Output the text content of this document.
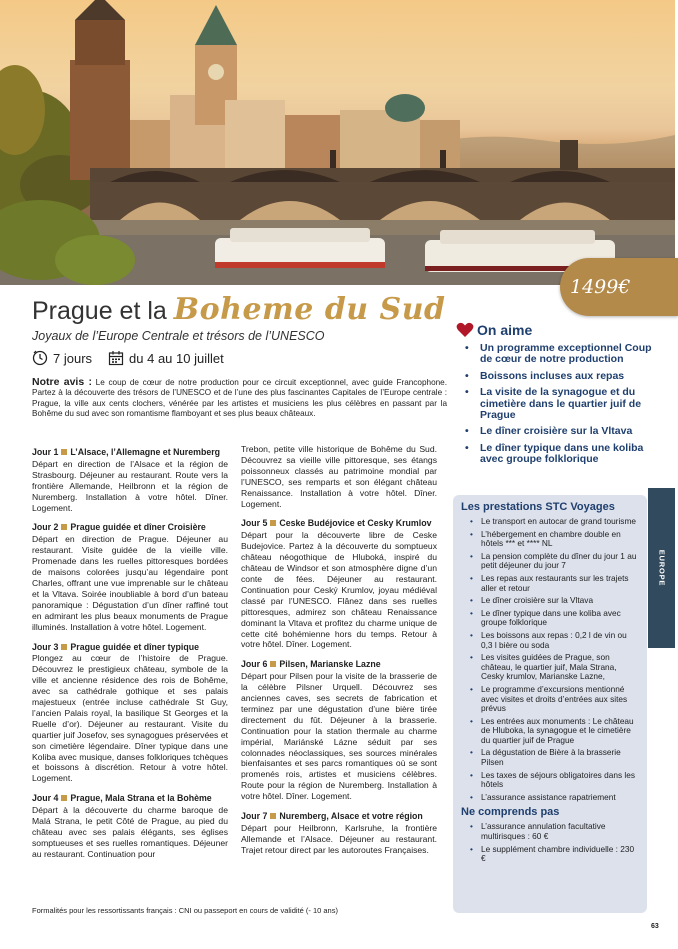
1499€
Prague et la Boheme du Sud
Joyaux de l’Europe Centrale et trésors de l’UNESCO
7 jours	du 4 au 10 juillet
Notre avis : Le coup de cœur de notre production pour ce circuit exceptionnel, avec guide Francophone. Partez à la découverte des trésors de l’UNESCO et de l’une des plus fascinantes Capitales de l’Europe centrale : Prague, la ville aux cents clochers, vénérée par les artistes et musiciens les plus célèbres en passant par la Bohême du sud avec son romantisme flamboyant et ses plus beaux châteaux.
Jour 1 L’Alsace, l’Allemagne et Nuremberg
Départ en direction de l’Alsace et la région de Strasbourg. Déjeuner au restaurant. Route vers la frontière Allemande, Heilbronn et la région de Nuremberg. Installation à votre hôtel. Dîner. Logement.
Jour 2 Prague guidée et dîner Croisière
Départ en direction de Prague. Déjeuner au restaurant. Visite guidée de la vieille ville. Promenade dans les ruelles pittoresques bordées de maisons colorées jusqu’au légendaire pont Charles, offrant une vue imprenable sur le château et la Vltava. Soirée inoubliable à bord d’un bateau panoramique : Dégustation d’un dîner raffiné tout en admirant les plus beaux monuments de Prague illuminés. Installation à votre hôtel. Logement.
Jour 3 Prague guidée et dîner typique
Plongez au cœur de l’histoire de Prague. Découvrez le prestigieux château, symbole de la ville et ancienne résidence des rois de Bohême, avec sa cathédrale gothique et ses palais majestueux (entrée incluse cathédrale St Guy, l’ancien Palais royal, la basilique St Georges et la Ruelle d’or). Déjeuner au restaurant. Visite du quartier juif Josefov, ses synagogues préservées et son cimetière légendaire. Dîner typique dans une Koliba avec musique, danses folkloriques tchèques et boissons à discrétion. Retour à votre hôtel. Logement.
Jour 4 Prague, Mala Strana et la Bohème
Départ à la découverte du charme baroque de Malá Strana, le petit Côté de Prague, au pied du château avec ses palais élégants, ses églises somptueuses et ses ruelles romantiques. Déjeuner au restaurant. Continuation pour
Trebon, petite ville historique de Bohême du Sud. Découvrez sa vieille ville pittoresque, ses étangs poissonneux classés au patrimoine mondial par l’UNESCO, ses remparts et son élégant château Renaissance. Installation à votre hôtel. Dîner. Logement.
Jour 5 Ceske Budéjovice et Cesky Krumlov
Départ pour la découverte libre de Ceske Budejovice. Partez à la découverte du somptueux château néogothique de Hluboká, inspiré du château de Windsor et son atmosphère digne d’un conte de fées. Déjeuner au restaurant. Continuation pour Ceský Krumlov, joyau médiéval classé par l’UNESCO. Flânez dans ses ruelles pittoresques, admirez son château Renaissance dominant la Vltava et profitez du charme unique de cette cité bohémienne hors du temps. Retour à votre hôtel. Dîner. Logement.
Jour 6 Pilsen, Marianske Lazne
Départ pour Pilsen pour la visite de la brasserie de la célèbre Pilsner Urquell. Découvrez ses anciennes caves, ses secrets de fabrication et terminez par une dégustation d’une bière tirée directement du fût. Déjeuner à la brasserie. Continuation pour la station thermale au charme impérial, Mariánské Lázne séduit par ses colonnades néoclassiques, ses sources minérales bienfaisantes et ses parcs romantiques où se sont promenés rois, artistes et musiciens célèbres. Route pour la région de Nuremberg. Installation à votre hôtel. Dîner. Logement.
Jour 7 Nuremberg, Alsace et votre région
Départ pour Heilbronn, Karlsruhe, la frontière Allemande et l’Alsace. Déjeuner au restaurant. Trajet retour direct par les autoroutes Françaises.
Formalités pour les ressortissants français : CNI ou passeport en cours de validité (- 10 ans)
63
On aime
• Un programme exceptionnel Coup de cœur de notre production
• Boissons incluses aux repas
• La visite de la synagogue et du cimetière dans le quartier juif de Prague
• Le dîner croisière sur la Vltava
• Le dîner typique dans une koliba avec groupe folklorique
Les prestations STC Voyages
• Le transport en autocar de grand tourisme
• L’hébergement en chambre double en hôtels *** et **** NL
• La pension complète du dîner du jour 1 au petit déjeuner du jour 7
• Les repas aux restaurants sur les trajets aller et retour
• Le dîner croisière sur la Vltava
• Le dîner typique dans une koliba avec groupe folklorique
• Les boissons aux repas : 0,2 l de vin ou 0,3 l bière ou soda
• Les visites guidées de Prague, son château, le quartier juif, Mala Strana, Cesky krumlov, Marianske Lazne,
• Le programme d’excursions mentionné avec visites et droits d’entrées aux sites prévus
• Les entrées aux monuments : Le château de Hluboka, la synagogue et le cimetière du quartier juif de Prague
• La dégustation de Bière à la brasserie Pilsen
• Les taxes de séjours obligatoires dans les hôtels
• L’assurance assistance rapatriement
Ne comprends pas
• L’assurance annulation facultative multirisques : 60 €
• Le supplément chambre individuelle : 230 €
EUROPE
